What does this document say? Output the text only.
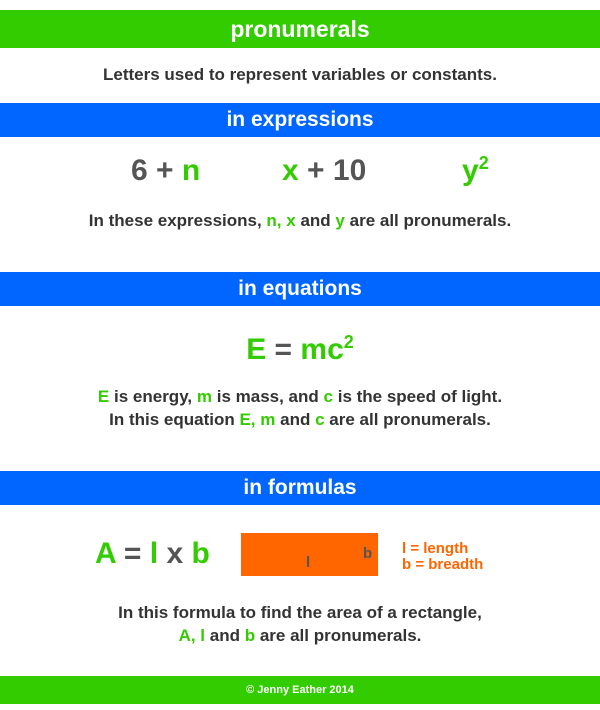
pronumerals
Letters used to represent variables or constants.
in expressions
6 + n	x + 10	$y^2$
In these expressions, n, x and y are all pronumerals.
in equations
$E = mc^2$
E is energy, m is mass, and c is the speed of light.
In this equation E, m and c are all pronumerals.
in formulas
A = l x b	l
b l = length
b = breadth
In this formula to find the area of a rectangle,
A, l and b are all pronumerals.
© Jenny Eather 2014
